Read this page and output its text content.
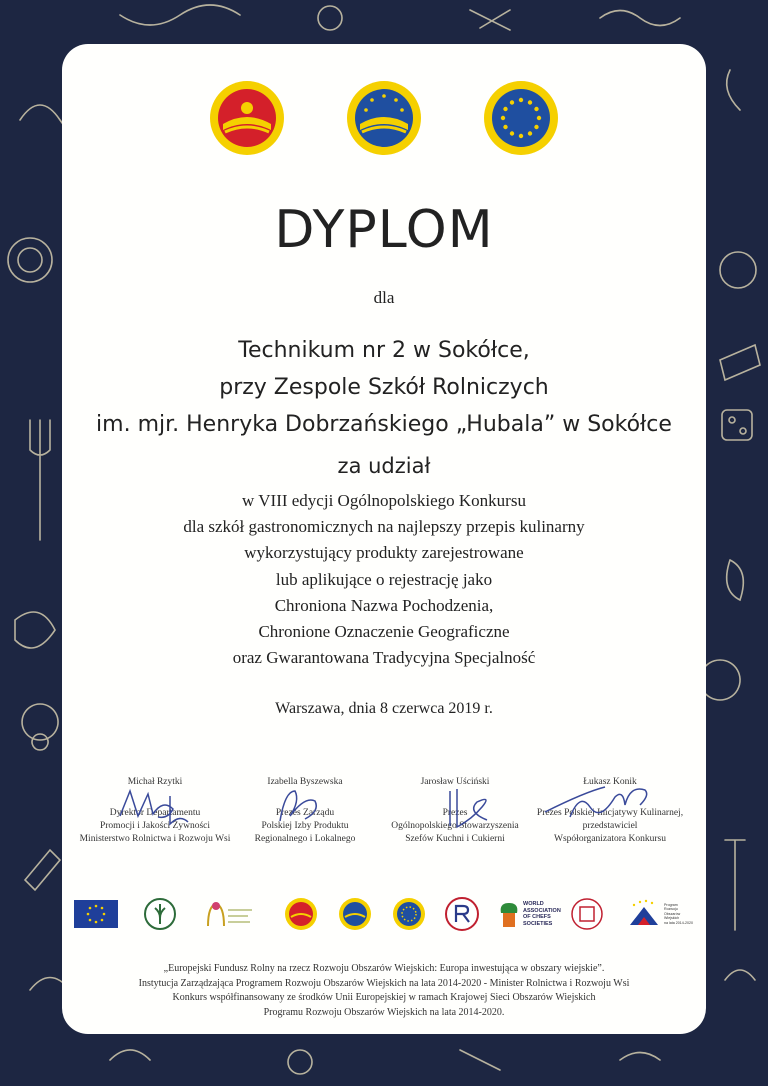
DYPLOM
dla
Technikum nr 2 w Sokółce,
przy Zespole Szkół Rolniczych
im. mjr. Henryka Dobrzańskiego „Hubala” w Sokółce
za udział
w VIII edycji Ogólnopolskiego Konkursu
dla szkół gastronomicznych na najlepszy przepis kulinarny
wykorzystujący produkty zarejestrowane
lub aplikujące o rejestrację jako
Chroniona Nazwa Pochodzenia,
Chronione Oznaczenie Geograficzne
oraz Gwarantowana Tradycyjna Specjalność
Warszawa, dnia 8 czerwca 2019 r.
Michał Rzytki
Dyrektor Departamentu
Promocji i Jakości Żywności
Ministerstwo Rolnictwa i Rozwoju Wsi
Izabella Byszewska
Prezes Zarządu
Polskiej Izby Produktu
Regionalnego i Lokalnego
Jarosław Uściński
Prezes
Ogólnopolskiego Stowarzyszenia
Szefów Kuchni i Cukierni
Łukasz Konik
Prezes Polskiej Inicjatywy Kulinarnej,
przedstawiciel
Współorganizatora Konkursu
WORLD
ASSOCIATION
OF CHEFS
SOCIETIES
Program
Rozwoju
Obszarów
Wiejskich
na lata 2014-2020
„Europejski Fundusz Rolny na rzecz Rozwoju Obszarów Wiejskich: Europa inwestująca w obszary wiejskie”.
Instytucja Zarządzająca Programem Rozwoju Obszarów Wiejskich na lata 2014-2020 - Minister Rolnictwa i Rozwoju Wsi
Konkurs współfinansowany ze środków Unii Europejskiej w ramach Krajowej Sieci Obszarów Wiejskich
Programu Rozwoju Obszarów Wiejskich na lata 2014-2020.
